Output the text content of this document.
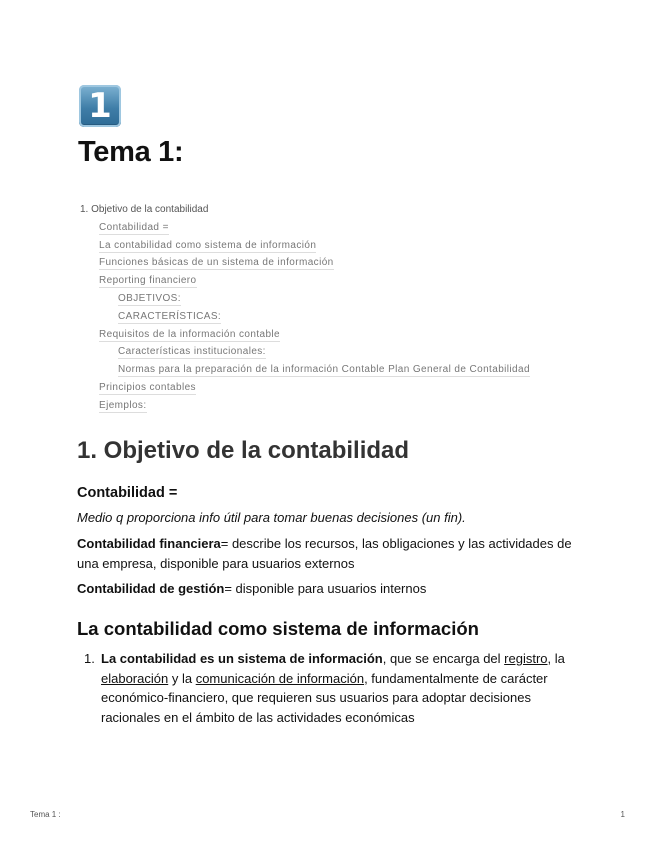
1
Tema 1:
1. Objetivo de la contabilidad
Contabilidad =
La contabilidad como sistema de información
Funciones básicas de un sistema de información
Reporting financiero
OBJETIVOS:
CARACTERÍSTICAS:
Requisitos de la información contable
Características institucionales:
Normas para la preparación de la información Contable Plan General de Contabilidad
Principios contables
Ejemplos:
1. Objetivo de la contabilidad
Contabilidad =
Medio q proporciona info útil para tomar buenas decisiones (un fin).
Contabilidad financiera= describe los recursos, las obligaciones y las actividades de una empresa, disponible para usuarios externos
Contabilidad de gestión= disponible para usuarios internos
La contabilidad como sistema de información
1. La contabilidad es un sistema de información, que se encarga del registro, la elaboración y la comunicación de información, fundamentalmente de carácter económico-financiero, que requieren sus usuarios para adoptar decisiones racionales en el ámbito de las actividades económicas
Tema 1 :	1
